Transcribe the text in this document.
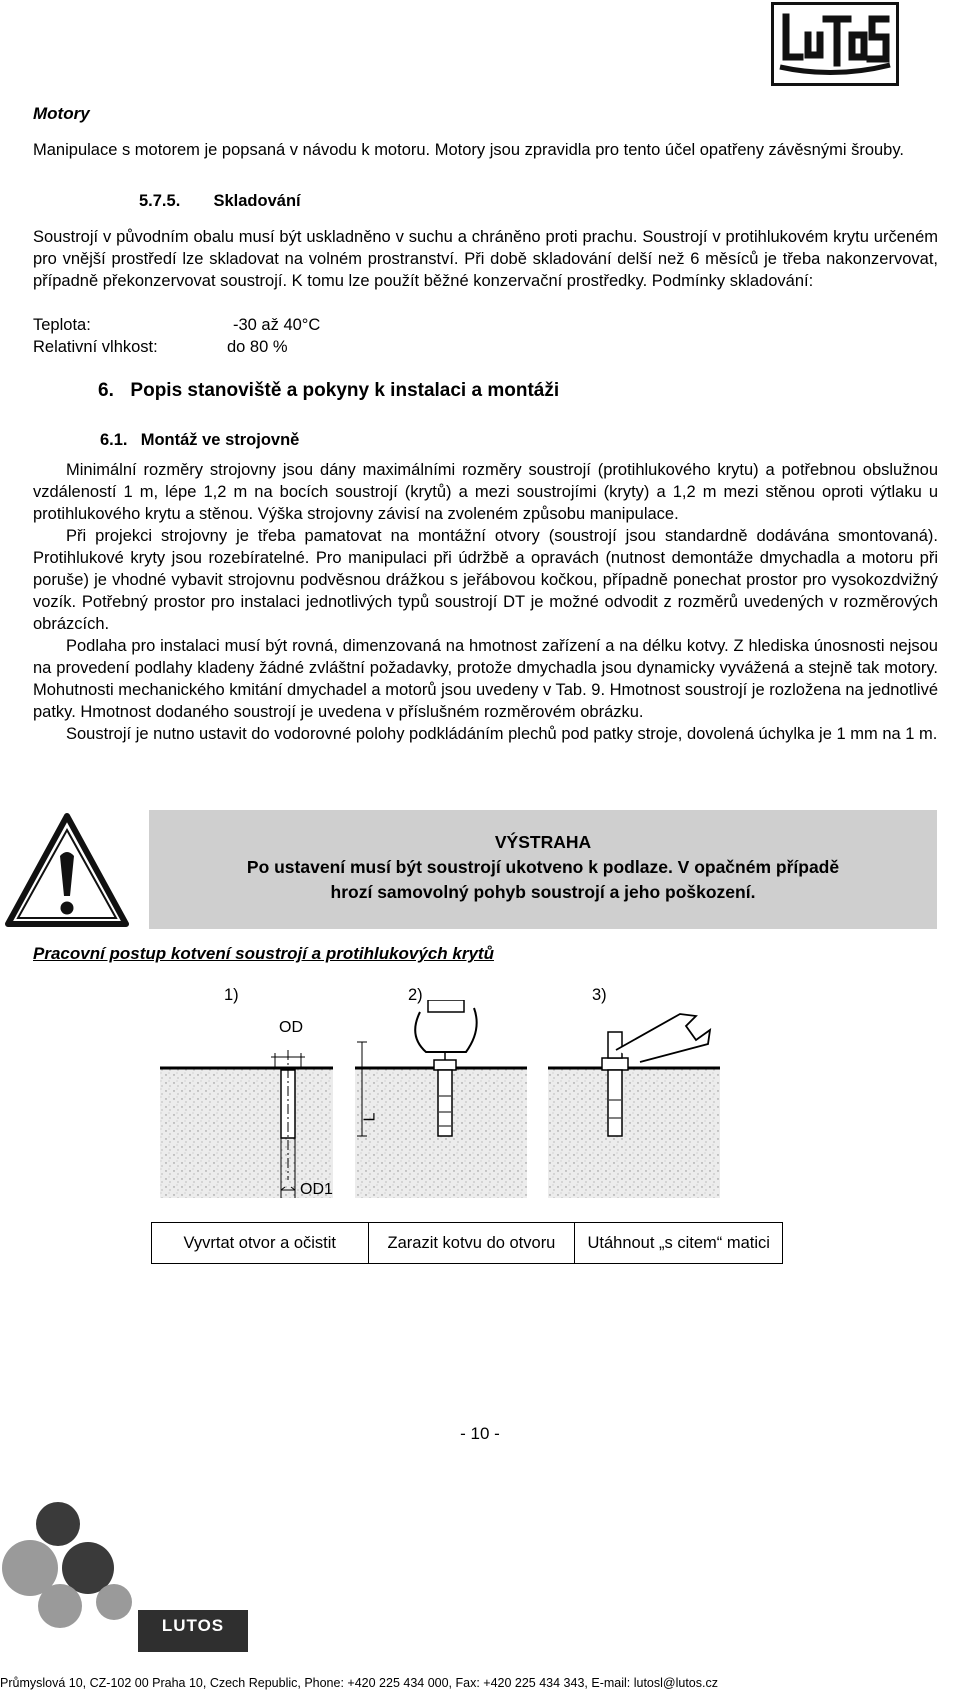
Motory

Manipulace s motorem je popsaná v návodu k motoru. Motory jsou zpravidla pro tento účel opatřeny závěsnými šrouby.

5.7.5. Skladování

Soustrojí v původním obalu musí být uskladněno v suchu a chráněno proti prachu. Soustrojí v protihlukovém krytu určeném pro vnější prostředí lze skladovat na volném prostranství. Při době skladování delší než 6 měsíců je třeba nakonzervovat, případně překonzervovat soustrojí. K tomu lze použít běžné konzervační prostředky. Podmínky skladování:

Teplota:	-30 až 40°C
Relativní vlhkost:	do 80 %
6. Popis stanoviště a pokyny k instalaci a montáži
6.1. Montáž ve strojovně

Minimální rozměry strojovny jsou dány maximálními rozměry soustrojí (protihlukového krytu) a potřebnou obslužnou vzdáleností 1 m, lépe 1,2 m na bocích soustrojí (krytů) a mezi soustrojími (kryty) a 1,2 m mezi stěnou oproti výtlaku u protihlukového krytu a stěnou. Výška strojovny závisí na zvoleném způsobu manipulace.

Při projekci strojovny je třeba pamatovat na montážní otvory (soustrojí jsou standardně dodávána smontovaná). Protihlukové kryty jsou rozebíratelné. Pro manipulaci při údržbě a opravách (nutnost demontáže dmychadla a motoru při poruše) je vhodné vybavit strojovnu podvěsnou drážkou s jeřábovou kočkou, případně ponechat prostor pro vysokozdvižný vozík. Potřebný prostor pro instalaci jednotlivých typů soustrojí DT je možné odvodit z rozměrů uvedených v rozměrových obrázcích.

Podlaha pro instalaci musí být rovná, dimenzovaná na hmotnost zařízení a na délku kotvy. Z hlediska únosnosti nejsou na provedení podlahy kladeny žádné zvláštní požadavky, protože dmychadla jsou dynamicky vyvážená a stejně tak motory. Mohutnosti mechanického kmitání dmychadel a motorů jsou uvedeny v Tab. 9. Hmotnost soustrojí je rozložena na jednotlivé patky. Hmotnost dodaného soustrojí je uvedena v příslušném rozměrovém obrázku.

Soustrojí je nutno ustavit do vodorovné polohy podkládáním plechů pod patky stroje, dovolená úchylka je 1 mm na 1 m.

VÝSTRAHA
Po ustavení musí být soustrojí ukotveno k podlaze. V opačném případě
hrozí samovolný pohyb soustrojí a jeho poškození.
Pracovní postup kotvení soustrojí a protihlukových krytů
1)	2)	3)
OD
L
OD1
Vyvrtat otvor a očistit	Zarazit kotvu do otvoru	Utáhnout „s citem“ matici
- 10 -
LUTOS
Průmyslová 10, CZ-102 00 Praha 10, Czech Republic, Phone: +420 225 434 000, Fax: +420 225 434 343, E-mail: lutosl@lutos.cz
